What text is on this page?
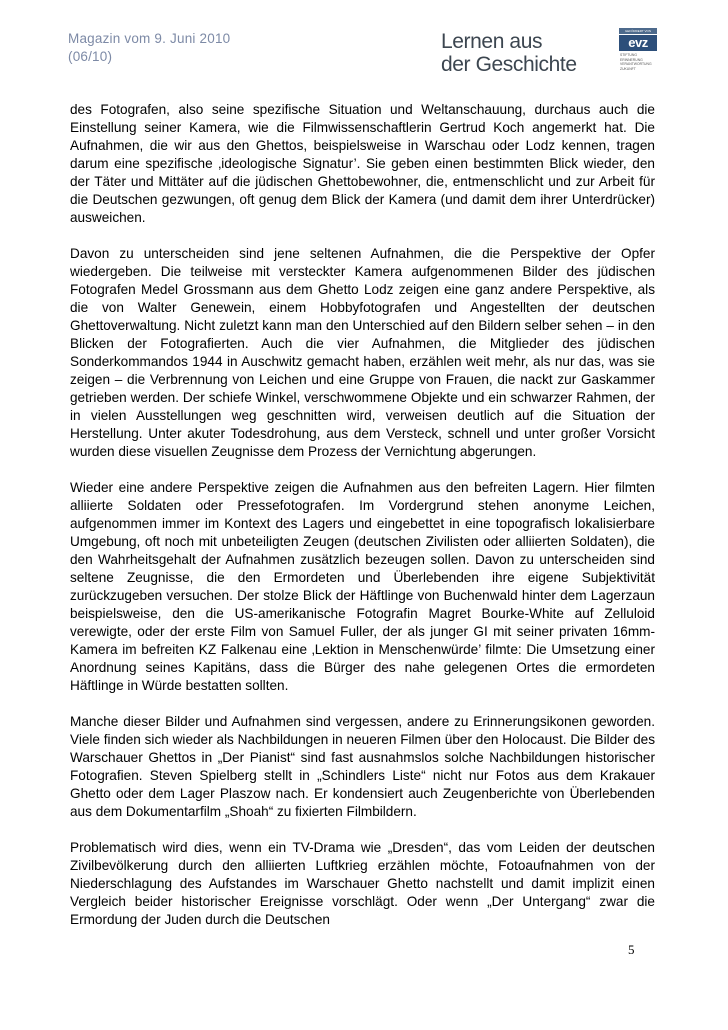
Magazin vom 9. Juni 2010
(06/10)
Lernen aus
der Geschichte
GEFÖRDERT VON
evz
STIFTUNG
ERINNERUNG
VERANTWORTUNG
ZUKUNFT

des Fotografen, also seine spezifische Situation und Weltanschauung, durchaus auch die Einstellung seiner Kamera, wie die Filmwissenschaftlerin Gertrud Koch angemerkt hat. Die Aufnahmen, die wir aus den Ghettos, beispielsweise in Warschau oder Lodz kennen, tragen darum eine spezifische ‚ideologische Signatur’. Sie geben einen bestimmten Blick wieder, den der Täter und Mittäter auf die jüdischen Ghettobewohner, die, entmenschlicht und zur Arbeit für die Deutschen gezwungen, oft genug dem Blick der Kamera (und damit dem ihrer Unterdrücker) ausweichen.

Davon zu unterscheiden sind jene seltenen Aufnahmen, die die Perspektive der Opfer wiedergeben. Die teilweise mit versteckter Kamera aufgenommenen Bilder des jüdischen Fotografen Medel Grossmann aus dem Ghetto Lodz zeigen eine ganz andere Perspektive, als die von Walter Genewein, einem Hobbyfotografen und Angestellten der deutschen Ghettoverwaltung. Nicht zuletzt kann man den Unterschied auf den Bildern selber sehen – in den Blicken der Fotografierten. Auch die vier Aufnahmen, die Mitglieder des jüdischen Sonderkommandos 1944 in Auschwitz gemacht haben, erzählen weit mehr, als nur das, was sie zeigen – die Verbrennung von Leichen und eine Gruppe von Frauen, die nackt zur Gaskammer getrieben werden. Der schiefe Winkel, verschwommene Objekte und ein schwarzer Rahmen, der in vielen Ausstellungen weg geschnitten wird, verweisen deutlich auf die Situation der Herstellung. Unter akuter Todesdrohung, aus dem Versteck, schnell und unter großer Vorsicht wurden diese visuellen Zeugnisse dem Prozess der Vernichtung abgerungen.

Wieder eine andere Perspektive zeigen die Aufnahmen aus den befreiten Lagern. Hier filmten alliierte Soldaten oder Pressefotografen. Im Vordergrund stehen anonyme Leichen, aufgenommen immer im Kontext des Lagers und eingebettet in eine topografisch lokalisierbare Umgebung, oft noch mit unbeteiligten Zeugen (deutschen Zivilisten oder alliierten Soldaten), die den Wahrheitsgehalt der Aufnahmen zusätzlich bezeugen sollen. Davon zu unterscheiden sind seltene Zeugnisse, die den Ermordeten und Überlebenden ihre eigene Subjektivität zurückzugeben versuchen. Der stolze Blick der Häftlinge von Buchenwald hinter dem Lagerzaun beispielsweise, den die US-amerikanische Fotografin Magret Bourke-White auf Zelluloid verewigte, oder der erste Film von Samuel Fuller, der als junger GI mit seiner privaten 16mm-Kamera im befreiten KZ Falkenau eine ‚Lektion in Menschenwürde’ filmte: Die Umsetzung einer Anordnung seines Kapitäns, dass die Bürger des nahe gelegenen Ortes die ermordeten Häftlinge in Würde bestatten sollten.

Manche dieser Bilder und Aufnahmen sind vergessen, andere zu Erinnerungsikonen geworden. Viele finden sich wieder als Nachbildungen in neueren Filmen über den Holocaust. Die Bilder des Warschauer Ghettos in „Der Pianist“ sind fast ausnahmslos solche Nachbildungen historischer Fotografien. Steven Spielberg stellt in „Schindlers Liste“ nicht nur Fotos aus dem Krakauer Ghetto oder dem Lager Plaszow nach. Er kondensiert auch Zeugenberichte von Überlebenden aus dem Dokumentarfilm „Shoah“ zu fixierten Filmbildern.

Problematisch wird dies, wenn ein TV-Drama wie „Dresden“, das vom Leiden der deutschen Zivilbevölkerung durch den alliierten Luftkrieg erzählen möchte, Fotoaufnahmen von der Niederschlagung des Aufstandes im Warschauer Ghetto nachstellt und damit implizit einen Vergleich beider historischer Ereignisse vorschlägt. Oder wenn „Der Untergang“ zwar die Ermordung der Juden durch die Deutschen

5
